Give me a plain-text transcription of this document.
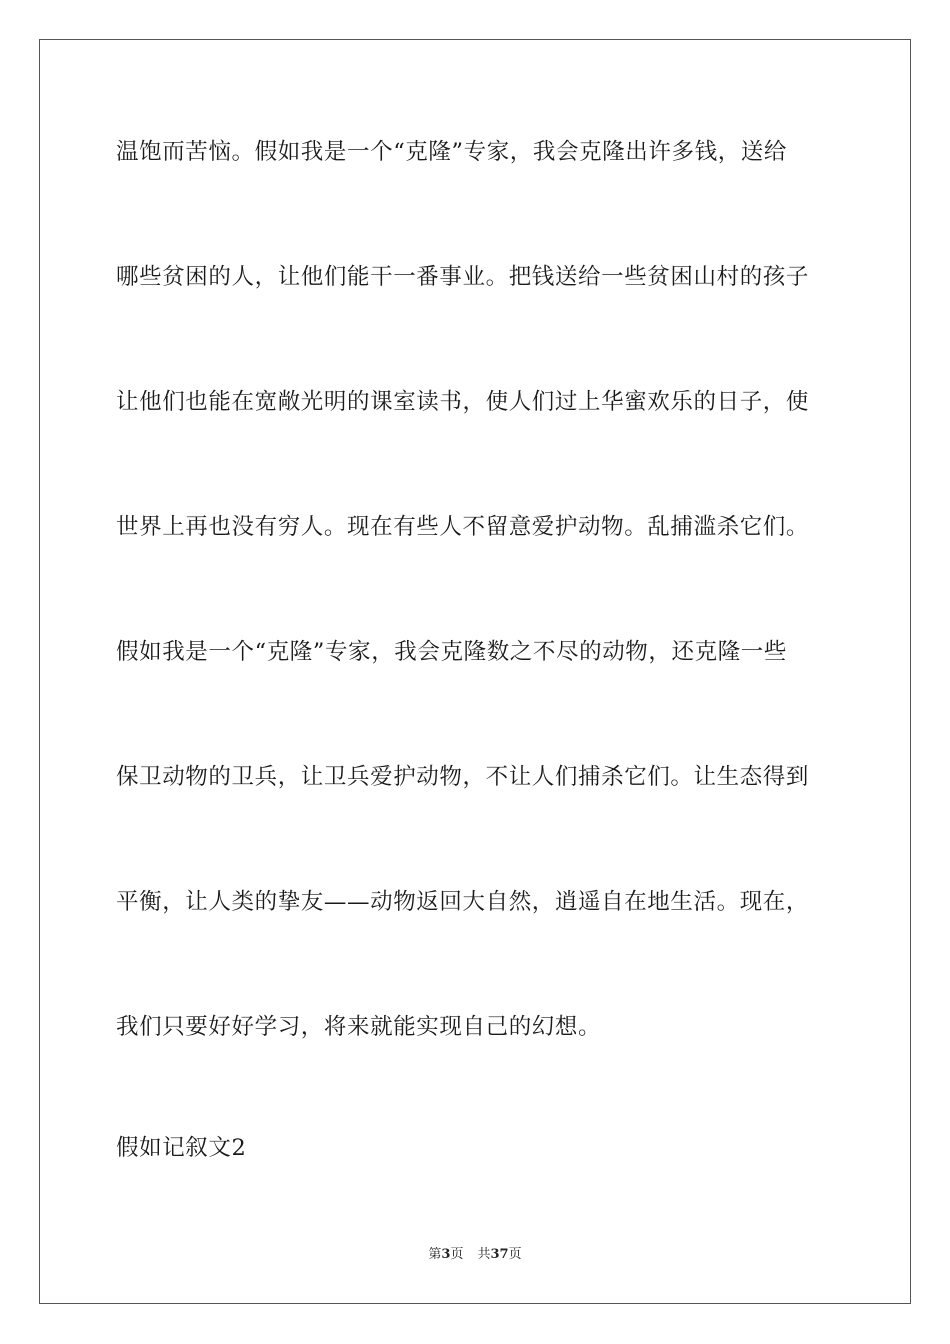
温饱而苦恼。假如我是一个“克隆”专家，我会克隆出许多钱，送给
哪些贫困的人，让他们能干一番事业。把钱送给一些贫困山村的孩子
让他们也能在宽敞光明的课室读书，使人们过上华蜜欢乐的日子，使
世界上再也没有穷人。现在有些人不留意爱护动物。乱捕滥杀它们。
假如我是一个“克隆”专家，我会克隆数之不尽的动物，还克隆一些
保卫动物的卫兵，让卫兵爱护动物，不让人们捕杀它们。让生态得到
平衡，让人类的挚友——动物返回大自然，逍遥自在地生活。现在，
我们只要好好学习，将来就能实现自己的幻想。
假如记叙文2
第3页 共37页
